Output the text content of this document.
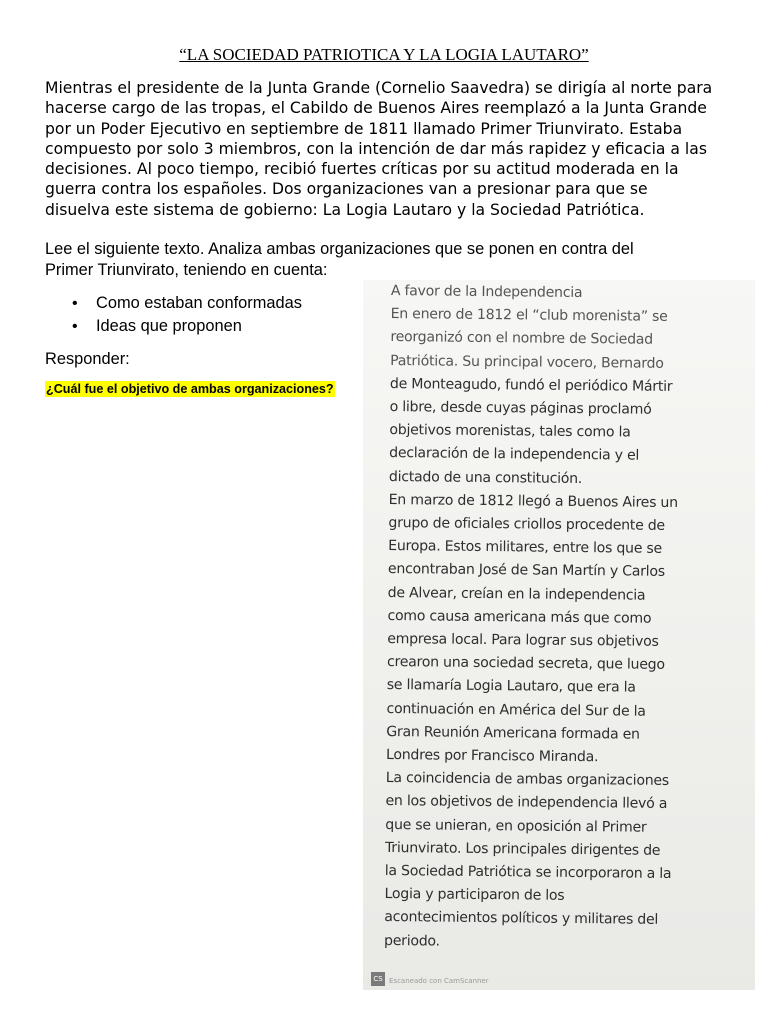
“LA SOCIEDAD PATRIOTICA Y LA LOGIA LAUTARO”

Mientras el presidente de la Junta Grande (Cornelio Saavedra) se dirigía al norte para
hacerse cargo de las tropas, el Cabildo de Buenos Aires reemplazó a la Junta Grande
por un Poder Ejecutivo en septiembre de 1811 llamado Primer Triunvirato. Estaba
compuesto por solo 3 miembros, con la intención de dar más rapidez y eficacia a las
decisiones. Al poco tiempo, recibió fuertes críticas por su actitud moderada en la
guerra contra los españoles. Dos organizaciones van a presionar para que se
disuelva este sistema de gobierno: La Logia Lautaro y la Sociedad Patriótica.

Lee el siguiente texto. Analiza ambas organizaciones que se ponen en contra del
Primer Triunvirato, teniendo en cuenta:

• Como estaban conformadas
• Ideas que proponen

Responder:

¿Cuál fue el objetivo de ambas organizaciones?

A favor de la Independencia
En enero de 1812 el “club morenista” se
reorganizó con el nombre de Sociedad
Patriótica. Su principal vocero, Bernardo
de Monteagudo, fundó el periódico Mártir
o libre, desde cuyas páginas proclamó
objetivos morenistas, tales como la
declaración de la independencia y el
dictado de una constitución.
En marzo de 1812 llegó a Buenos Aires un
grupo de oficiales criollos procedente de
Europa. Estos militares, entre los que se
encontraban José de San Martín y Carlos
de Alvear, creían en la independencia
como causa americana más que como
empresa local. Para lograr sus objetivos
crearon una sociedad secreta, que luego
se llamaría Logia Lautaro, que era la
continuación en América del Sur de la
Gran Reunión Americana formada en
Londres por Francisco Miranda.
La coincidencia de ambas organizaciones
en los objetivos de independencia llevó a
que se unieran, en oposición al Primer
Triunvirato. Los principales dirigentes de
la Sociedad Patriótica se incorporaron a la
Logia y participaron de los
acontecimientos políticos y militares del
periodo.
CS Escaneado con CamScanner
